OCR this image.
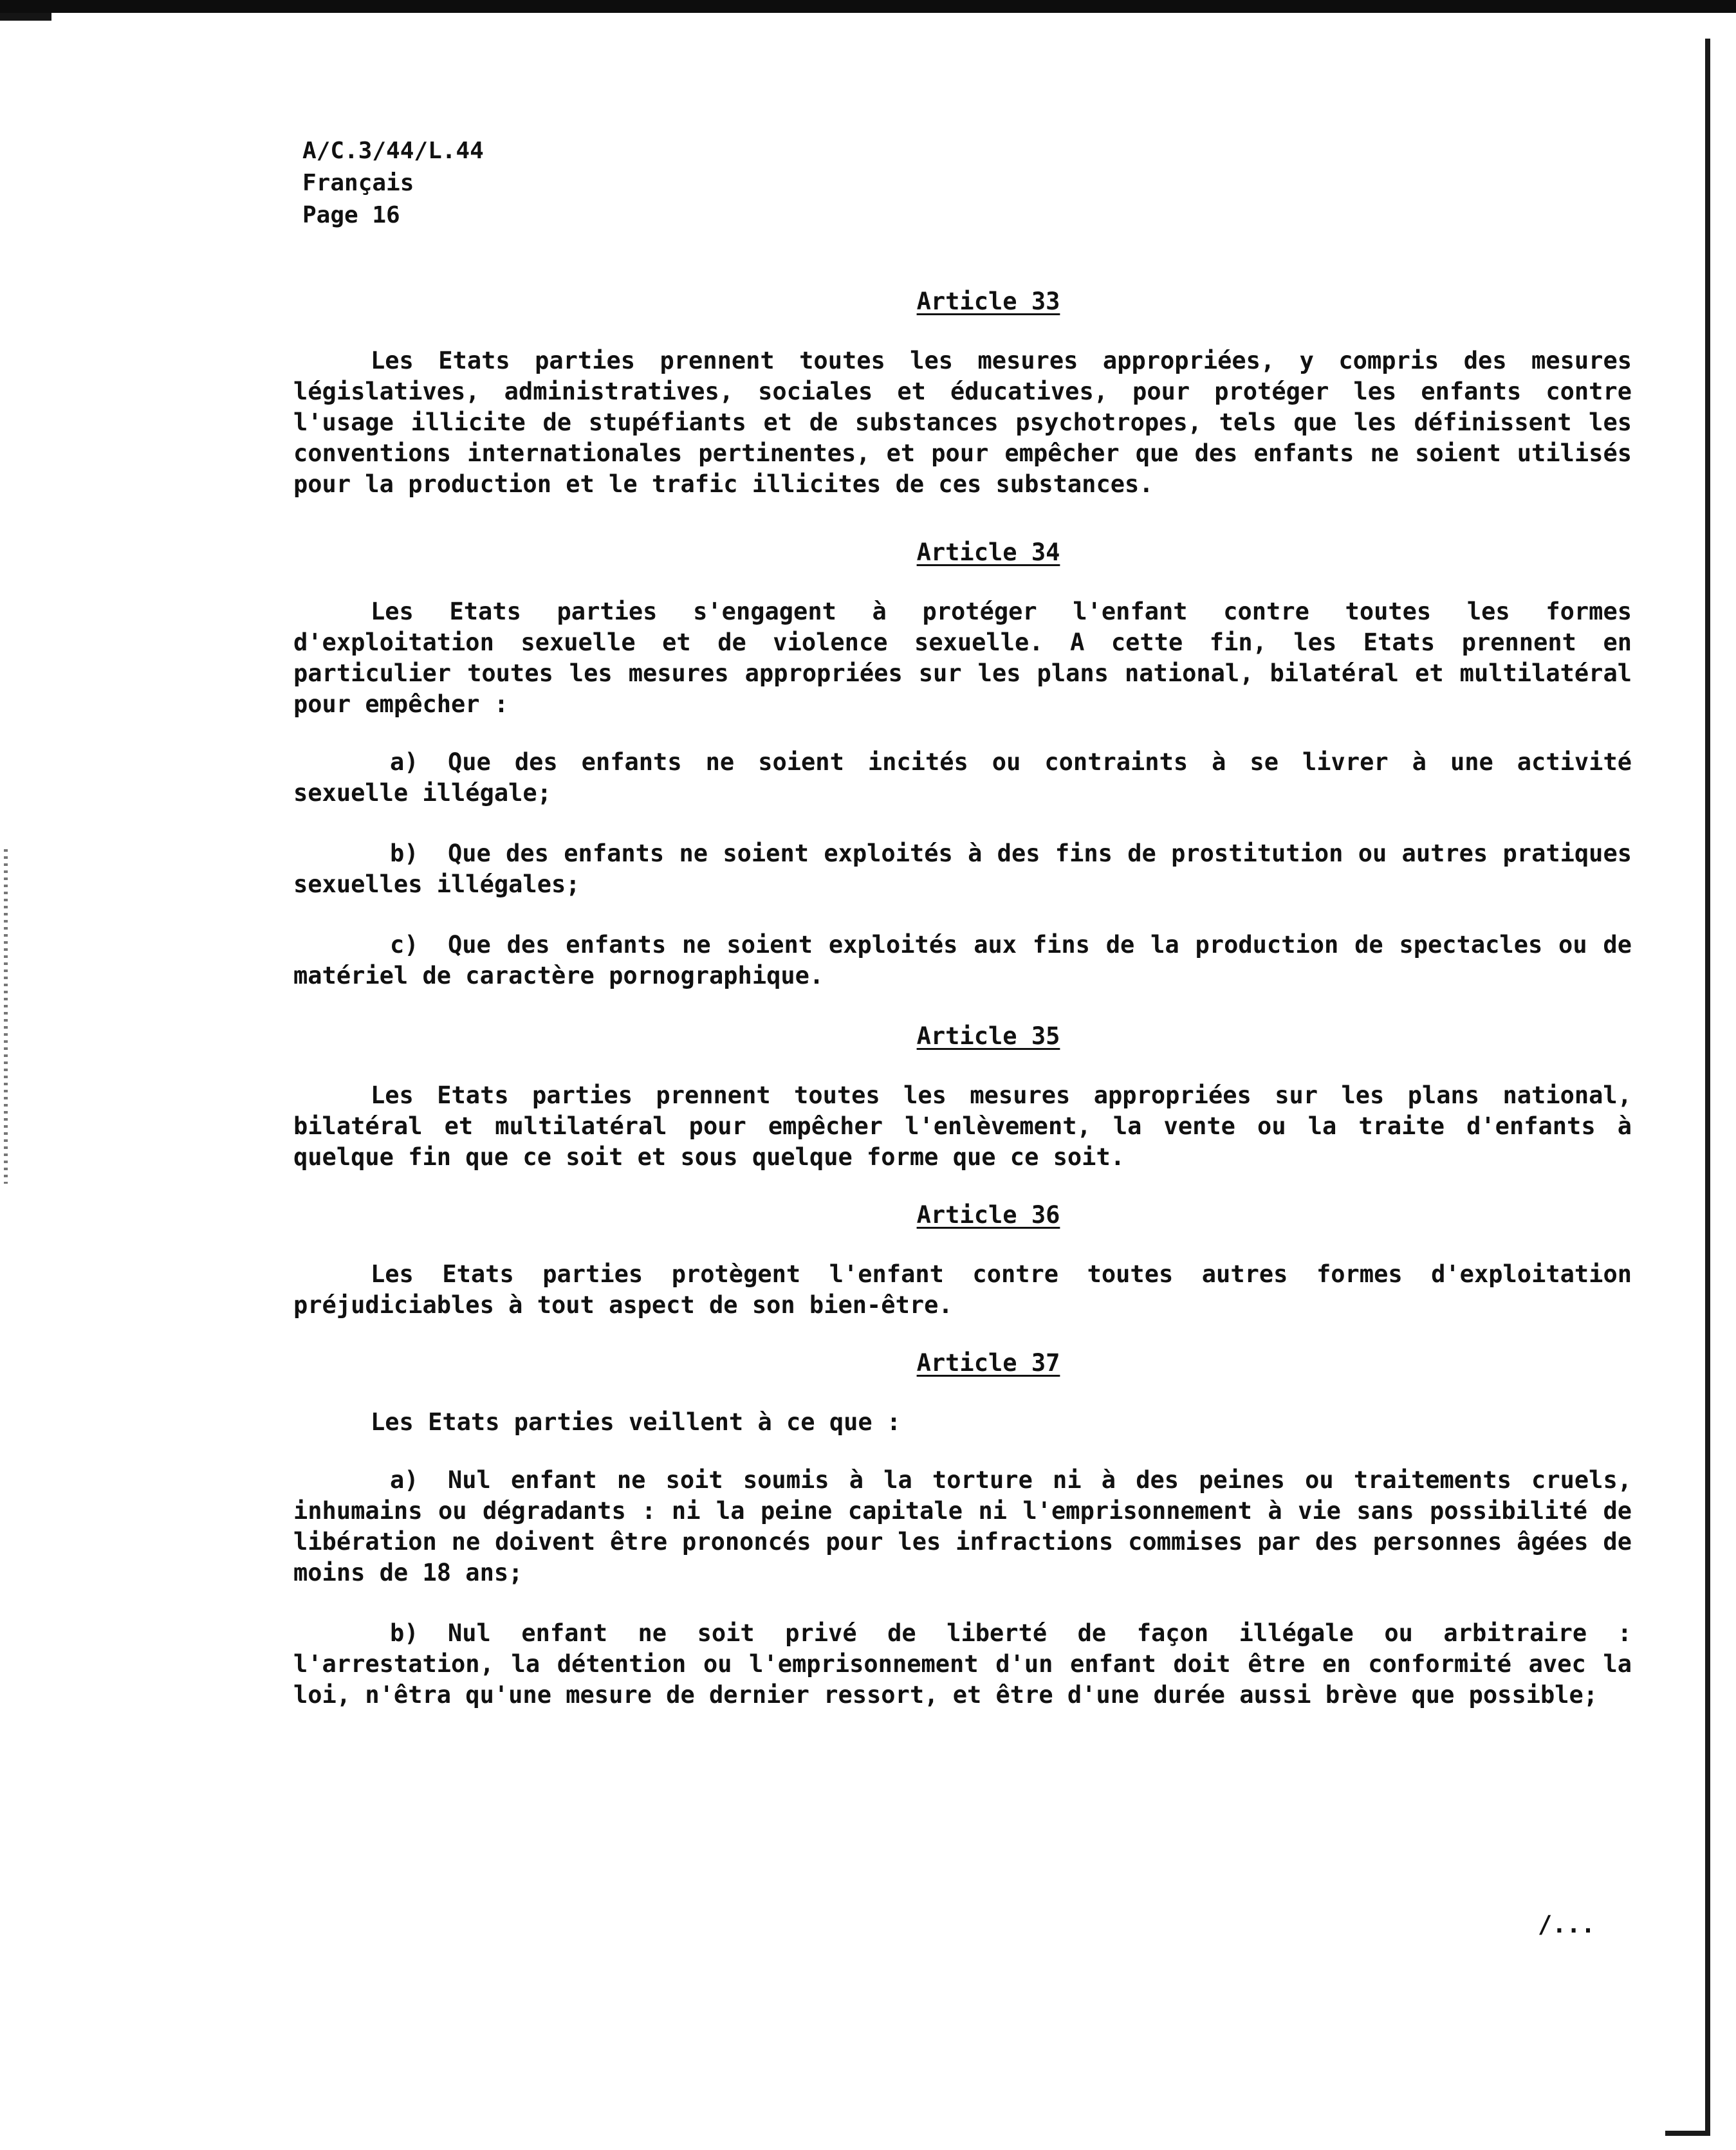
A/C.3/44/L.44
Français
Page 16
Article 33

Les Etats parties prennent toutes les mesures appropriées, y compris des mesures législatives, administratives, sociales et éducatives, pour protéger les enfants contre l'usage illicite de stupéfiants et de substances psychotropes, tels que les définissent les conventions internationales pertinentes, et pour empêcher que des enfants ne soient utilisés pour la production et le trafic illicites de ces substances.

Article 34

Les Etats parties s'engagent à protéger l'enfant contre toutes les formes d'exploitation sexuelle et de violence sexuelle. A cette fin, les Etats prennent en particulier toutes les mesures appropriées sur les plans national, bilatéral et multilatéral pour empêcher :

a) Que des enfants ne soient incités ou contraints à se livrer à une activité sexuelle illégale;

b) Que des enfants ne soient exploités à des fins de prostitution ou autres pratiques sexuelles illégales;

c) Que des enfants ne soient exploités aux fins de la production de spectacles ou de matériel de caractère pornographique.

Article 35

Les Etats parties prennent toutes les mesures appropriées sur les plans national, bilatéral et multilatéral pour empêcher l'enlèvement, la vente ou la traite d'enfants à quelque fin que ce soit et sous quelque forme que ce soit.

Article 36

Les Etats parties protègent l'enfant contre toutes autres formes d'exploitation préjudiciables à tout aspect de son bien-être.

Article 37

Les Etats parties veillent à ce que :

a) Nul enfant ne soit soumis à la torture ni à des peines ou traitements cruels, inhumains ou dégradants : ni la peine capitale ni l'emprisonnement à vie sans possibilité de libération ne doivent être prononcés pour les infractions commises par des personnes âgées de moins de 18 ans;

b) Nul enfant ne soit privé de liberté de façon illégale ou arbitraire : l'arrestation, la détention ou l'emprisonnement d'un enfant doit être en conformité avec la loi, n'êtra qu'une mesure de dernier ressort, et être d'une durée aussi brève que possible;

/...
